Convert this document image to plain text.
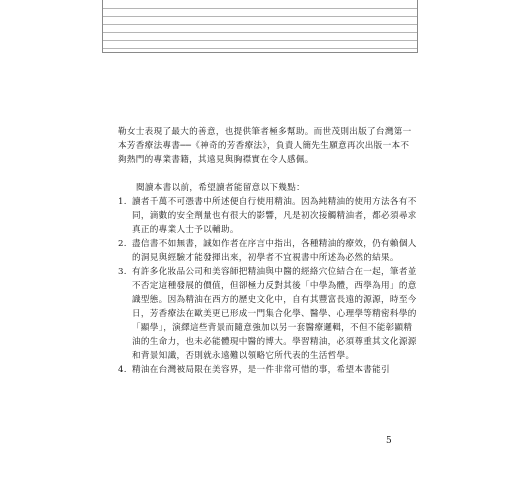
勒女士表現了最大的善意，也提供筆者極多幫助。而世茂則出版了台灣第一本芳香療法專書──《神奇的芳香療法》，負責人簡先生願意再次出版一本不夠熱門的專業書籍，其遠見與胸襟實在令人感佩。

閱讀本書以前，希望讀者能留意以下幾點：

1. 讀者千萬不可憑書中所述便自行使用精油。因為純精油的使用方法各有不同，滴數的安全劑量也有很大的影響，凡是初次接觸精油者，都必須尋求真正的專業人士予以輔助。
2. 盡信書不如無書，誠如作者在序言中指出，各種精油的療效，仍有賴個人的洞見與經驗才能發揮出來，初學者不宜視書中所述為必然的結果。
3. 有許多化妝品公司和美容師把精油與中醫的經絡穴位結合在一起，筆者並不否定這種發展的價值，但卻極力反對其後「中學為體，西學為用」的意識型態。因為精油在西方的歷史文化中，自有其豐富長遠的源源，時至今日，芳香療法在歐美更已形成一門集合化學、醫學、心理學等精密科學的「顯學」，演繹這些背景而隨意強加以另一套醫療邏輯，不但不能彰顯精油的生命力，也未必能體現中醫的博大。學習精油，必須尊重其文化源源和背景知識，否則就永遠難以領略它所代表的生活哲學。
4. 精油在台灣被局限在美容界，是一件非常可惜的事，希望本書能引
5
